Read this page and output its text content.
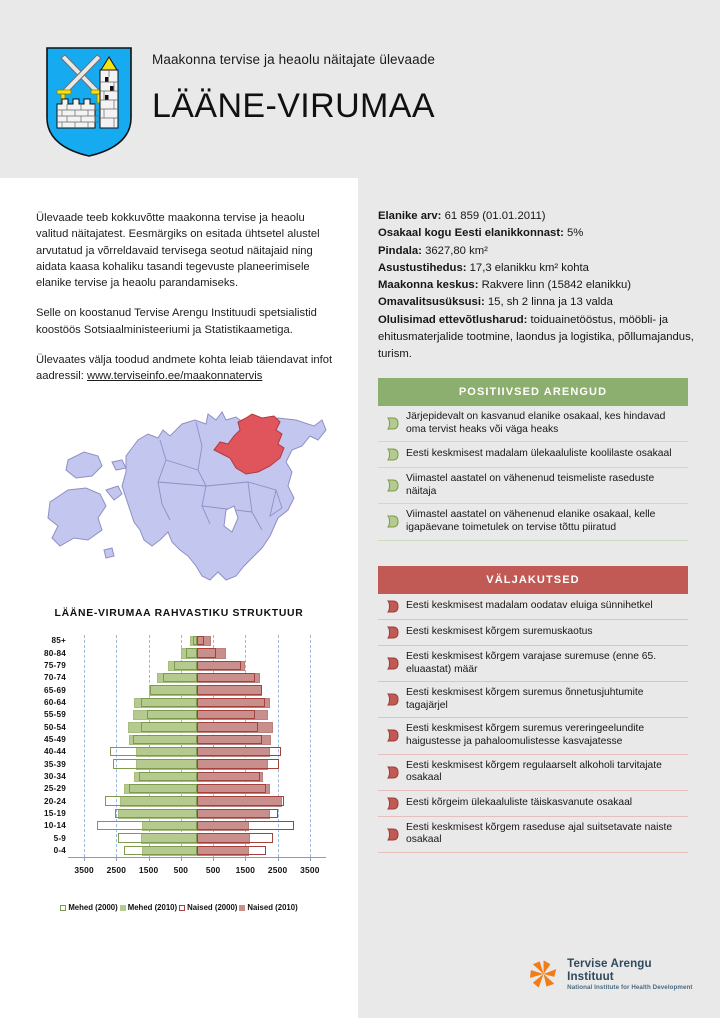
Maakonna tervise ja heaolu näitajate ülevaade
LÄÄNE-VIRUMAA

Ülevaade teeb kokkuvõtte maakonna tervise ja heaolu valitud näitajatest. Eesmärgiks on esitada ühtsetel alustel arvutatud ja võrreldavaid tervisega seotud näitajaid ning aidata kaasa kohaliku tasandi tegevuste planeerimisele elanike tervise ja heaolu parandamiseks.

Selle on koostanud Tervise Arengu Instituudi spetsialistid koostöös Sotsiaalministeeriumi ja Statistikaametiga.

Ülevaates välja toodud andmete kohta leiab täiendavat infot aadressil: www.terviseinfo.ee/maakonnatervis

LÄÄNE-VIRUMAA RAHVASTIKU STRUKTUUR
85+
80-84
75-79
70-74
65-69
60-64
55-59
50-54
45-49
40-44
35-39
30-34
25-29
20-24
15-19
10-14
5-9
0-4
3500 2500 1500 500 500 1500 2500 3500
Mehed (2000) Mehed (2010) Naised (2000) Naised (2010)
Elanike arv: 61 859 (01.01.2011)
Osakaal kogu Eesti elanikkonnast: 5%
Pindala: 3627,80 km²
Asustustihedus: 17,3 elanikku km² kohta
Maakonna keskus: Rakvere linn (15842 elanikku)
Omavalitsusüksusi: 15, sh 2 linna ja 13 valda
Olulisimad ettevõtlusharud: toiduainetööstus, mööbli- ja ehitusmaterjalide tootmine, laondus ja logistika, põllumajandus, turism.
POSITIIVSED ARENGUD
Järjepidevalt on kasvanud elanike osakaal, kes hindavad oma tervist heaks või väga heaks
Eesti keskmisest madalam ülekaaluliste koolilaste osakaal
Viimastel aastatel on vähenenud teismeliste raseduste näitaja
Viimastel aastatel on vähenenud elanike osakaal, kelle igapäevane toimetulek on tervise tõttu piiratud
VÄLJAKUTSED
Eesti keskmisest madalam oodatav eluiga sünnihetkel
Eesti keskmisest kõrgem suremuskaotus
Eesti keskmisest kõrgem varajase suremuse (enne 65. eluaastat) määr
Eesti keskmisest kõrgem suremus õnnetusjuhtumite tagajärjel
Eesti keskmisest kõrgem suremus vereringeelundite haigustesse ja pahaloomulistesse kasvajatesse
Eesti keskmisest kõrgem regulaarselt alkoholi tarvitajate osakaal
Eesti kõrgeim ülekaaluliste täiskasvanute osakaal
Eesti keskmisest kõrgem raseduse ajal suitsetavate naiste osakaal
Tervise Arengu Instituut
National Institute for Health Development
